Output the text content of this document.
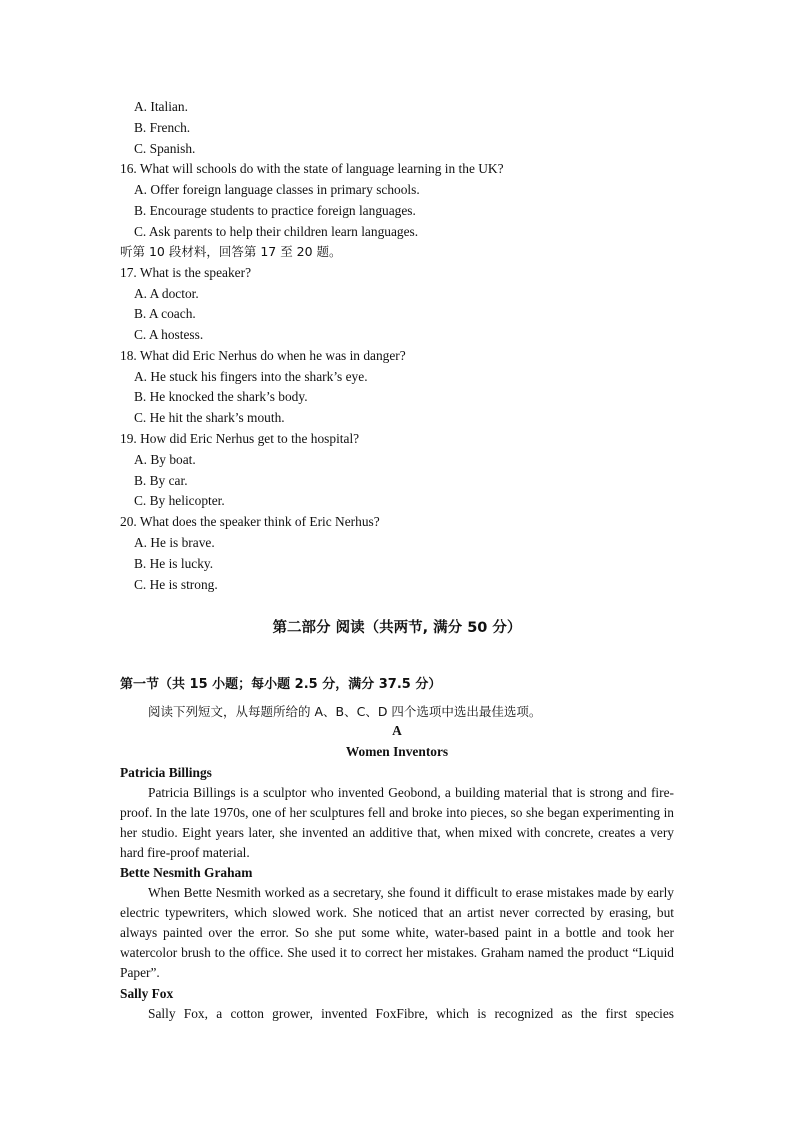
A. Italian.
B. French.
C. Spanish.
16. What will schools do with the state of language learning in the UK?
A. Offer foreign language classes in primary schools.
B. Encourage students to practice foreign languages.
C. Ask parents to help their children learn languages.
听第 10 段材料，回答第 17 至 20 题。
17. What is the speaker?
A. A doctor.
B. A coach.
C. A hostess.
18. What did Eric Nerhus do when he was in danger?
A. He stuck his fingers into the shark’s eye.
B. He knocked the shark’s body.
C. He hit the shark’s mouth.
19. How did Eric Nerhus get to the hospital?
A. By boat.
B. By car.
C. By helicopter.
20. What does the speaker think of Eric Nerhus?
A. He is brave.
B. He is lucky.
C. He is strong.
第二部分 阅读（共两节, 满分 50 分）
第一节（共 15 小题；每小题 2.5 分，满分 37.5 分）
阅读下列短文，从每题所给的 A、B、C、D 四个选项中选出最佳选项。
A
Women Inventors
Patricia Billings

Patricia Billings is a sculptor who invented Geobond, a building material that is strong and fire-proof. In the late 1970s, one of her sculptures fell and broke into pieces, so she began experimenting in her studio. Eight years later, she invented an additive that, when mixed with concrete, creates a very hard fire-proof material.

Bette Nesmith Graham

When Bette Nesmith worked as a secretary, she found it difficult to erase mistakes made by early electric typewriters, which slowed work. She noticed that an artist never corrected by erasing, but always painted over the error. So she put some white, water-based paint in a bottle and took her watercolor brush to the office. She used it to correct her mistakes. Graham named the product “Liquid Paper”.

Sally Fox

Sally Fox, a cotton grower, invented FoxFibre, which is recognized as the first species
